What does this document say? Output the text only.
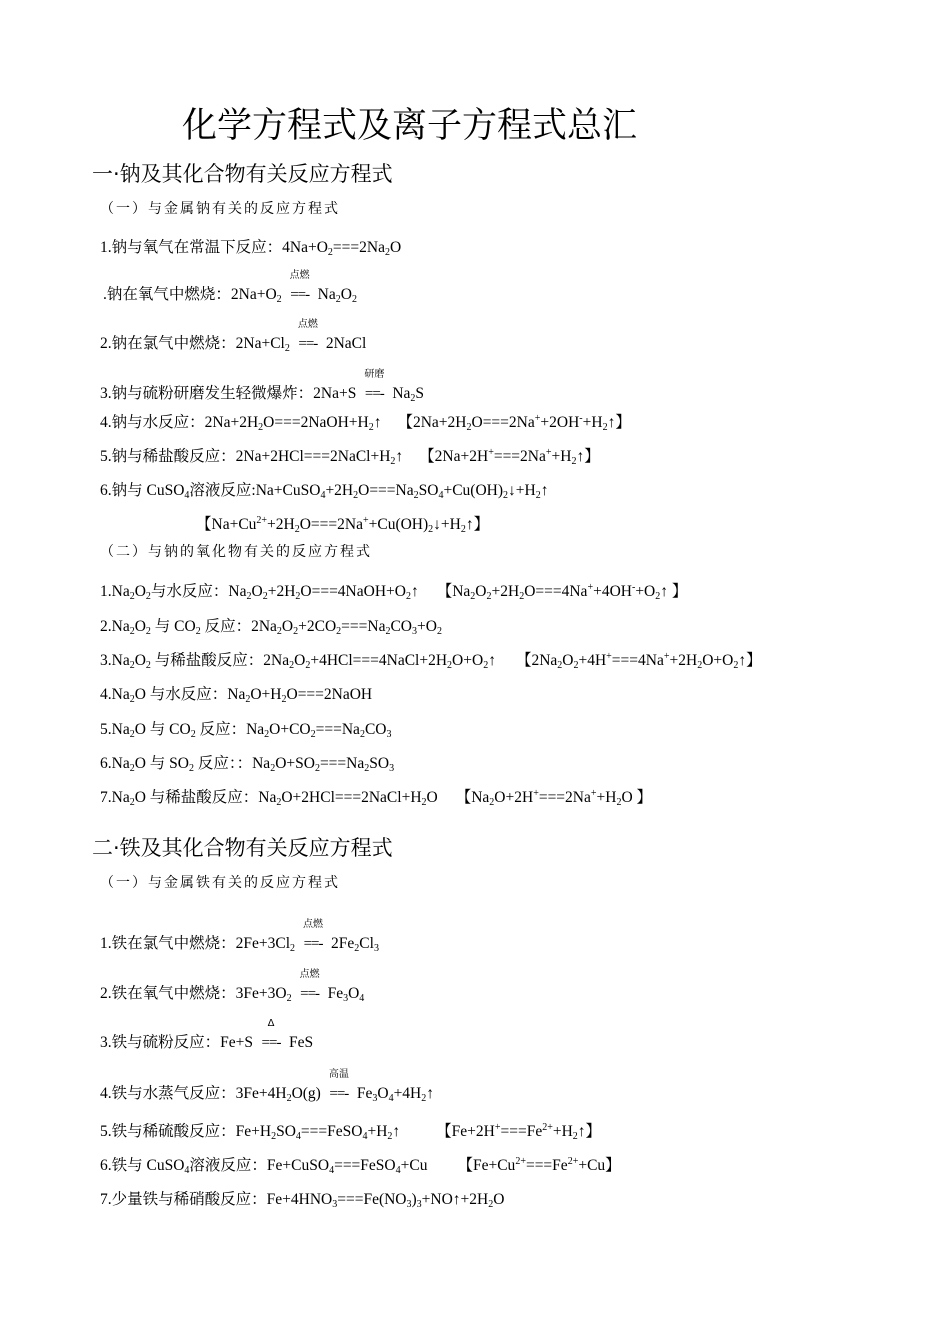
化学方程式及离子方程式总汇
一·钠及其化合物有关反应方程式
（一）与金属钠有关的反应方程式
1.钠与氧气在常温下反应：$4Na+O_2===2Na_2O$
.钠在氧气中燃烧：$2Na+O_2$
点燃
==- $Na_2O_2$
2.钠在氯气中燃烧：$2Na+Cl_2$
点燃
==- 2NaCl
3.钠与硫粉研磨发生轻微爆炸：2Na+S
研磨
==- $Na_2S$
4.钠与水反应：$2Na+2H_2O===2NaOH+H_2↑$ 【$2Na+2H_2O===2Na^++2OH^-+H_2↑$】
5.钠与稀盐酸反应：$2Na+2HCl===2NaCl+H_2↑$ 【$2Na+2H^+===2Na^++H_2↑$】
6.钠与 CuSO$_4$溶液反应$:Na+CuSO_4+2H_2O===Na_2SO_4+Cu(OH)_2↓+H_2↑$
【$Na+Cu^{2+}+2H_2O===2Na^++Cu(OH)_2↓+H_2↑$】
（二）与钠的氧化物有关的反应方程式
$1.Na_2O_2$与水反应：$Na_2O_2+2H_2O===4NaOH+O_2↑$ 【$Na_2O_2+2H_2O===4Na^++4OH^-+O_2↑$ 】
$2.Na_2O_2$ 与 $CO_2$ 反应：$2Na_2O_2+2CO_2===Na_2CO_3+O_2$
$3.Na_2O_2$ 与稀盐酸反应：$2Na_2O_2+4HCl===4NaCl+2H_2O+O_2↑$ 【$2Na_2O_2+4H^+===4Na^++2H_2O+O_2↑$】
$4.Na_2O$ 与水反应：$Na_2O+H_2O===2NaOH$
$5.Na_2O$ 与 $CO_2$ 反应：$Na_2O+CO_2===Na_2CO_3$
$6.Na_2O$ 与 $SO_2$ 反应：：$Na_2O+SO_2===Na_2SO_3$
$7.Na_2O$ 与稀盐酸反应：$Na_2O+2HCl===2NaCl+H_2O$ 【$Na_2O+2H^+===2Na^++H_2O$ 】
二·铁及其化合物有关反应方程式
（一）与金属铁有关的反应方程式
1.铁在氯气中燃烧：$2Fe+3Cl_2$
点燃
==- $2Fe_2Cl_3$
2.铁在氧气中燃烧：$3Fe+3O_2$
点燃
==- $Fe_3O_4$
3.铁与硫粉反应：Fe+S
Δ
==- FeS
4.铁与水蒸气反应：$3Fe+4H_2O(g)$
高温
==- $Fe_3O_4+4H_2↑$
5.铁与稀硫酸反应：$Fe+H_2SO_4===FeSO_4+H_2↑$ 【$Fe+2H^+===Fe^{2+}+H_2↑$】
6.铁与 CuSO$_4$溶液反应：Fe+CuSO$_4$===FeSO$_4$+Cu 【$Fe+Cu^{2+}===Fe^{2+}+Cu$】
7.少量铁与稀硝酸反应：$Fe+4HNO_3===Fe(NO_3)_3+NO↑+2H_2O$
